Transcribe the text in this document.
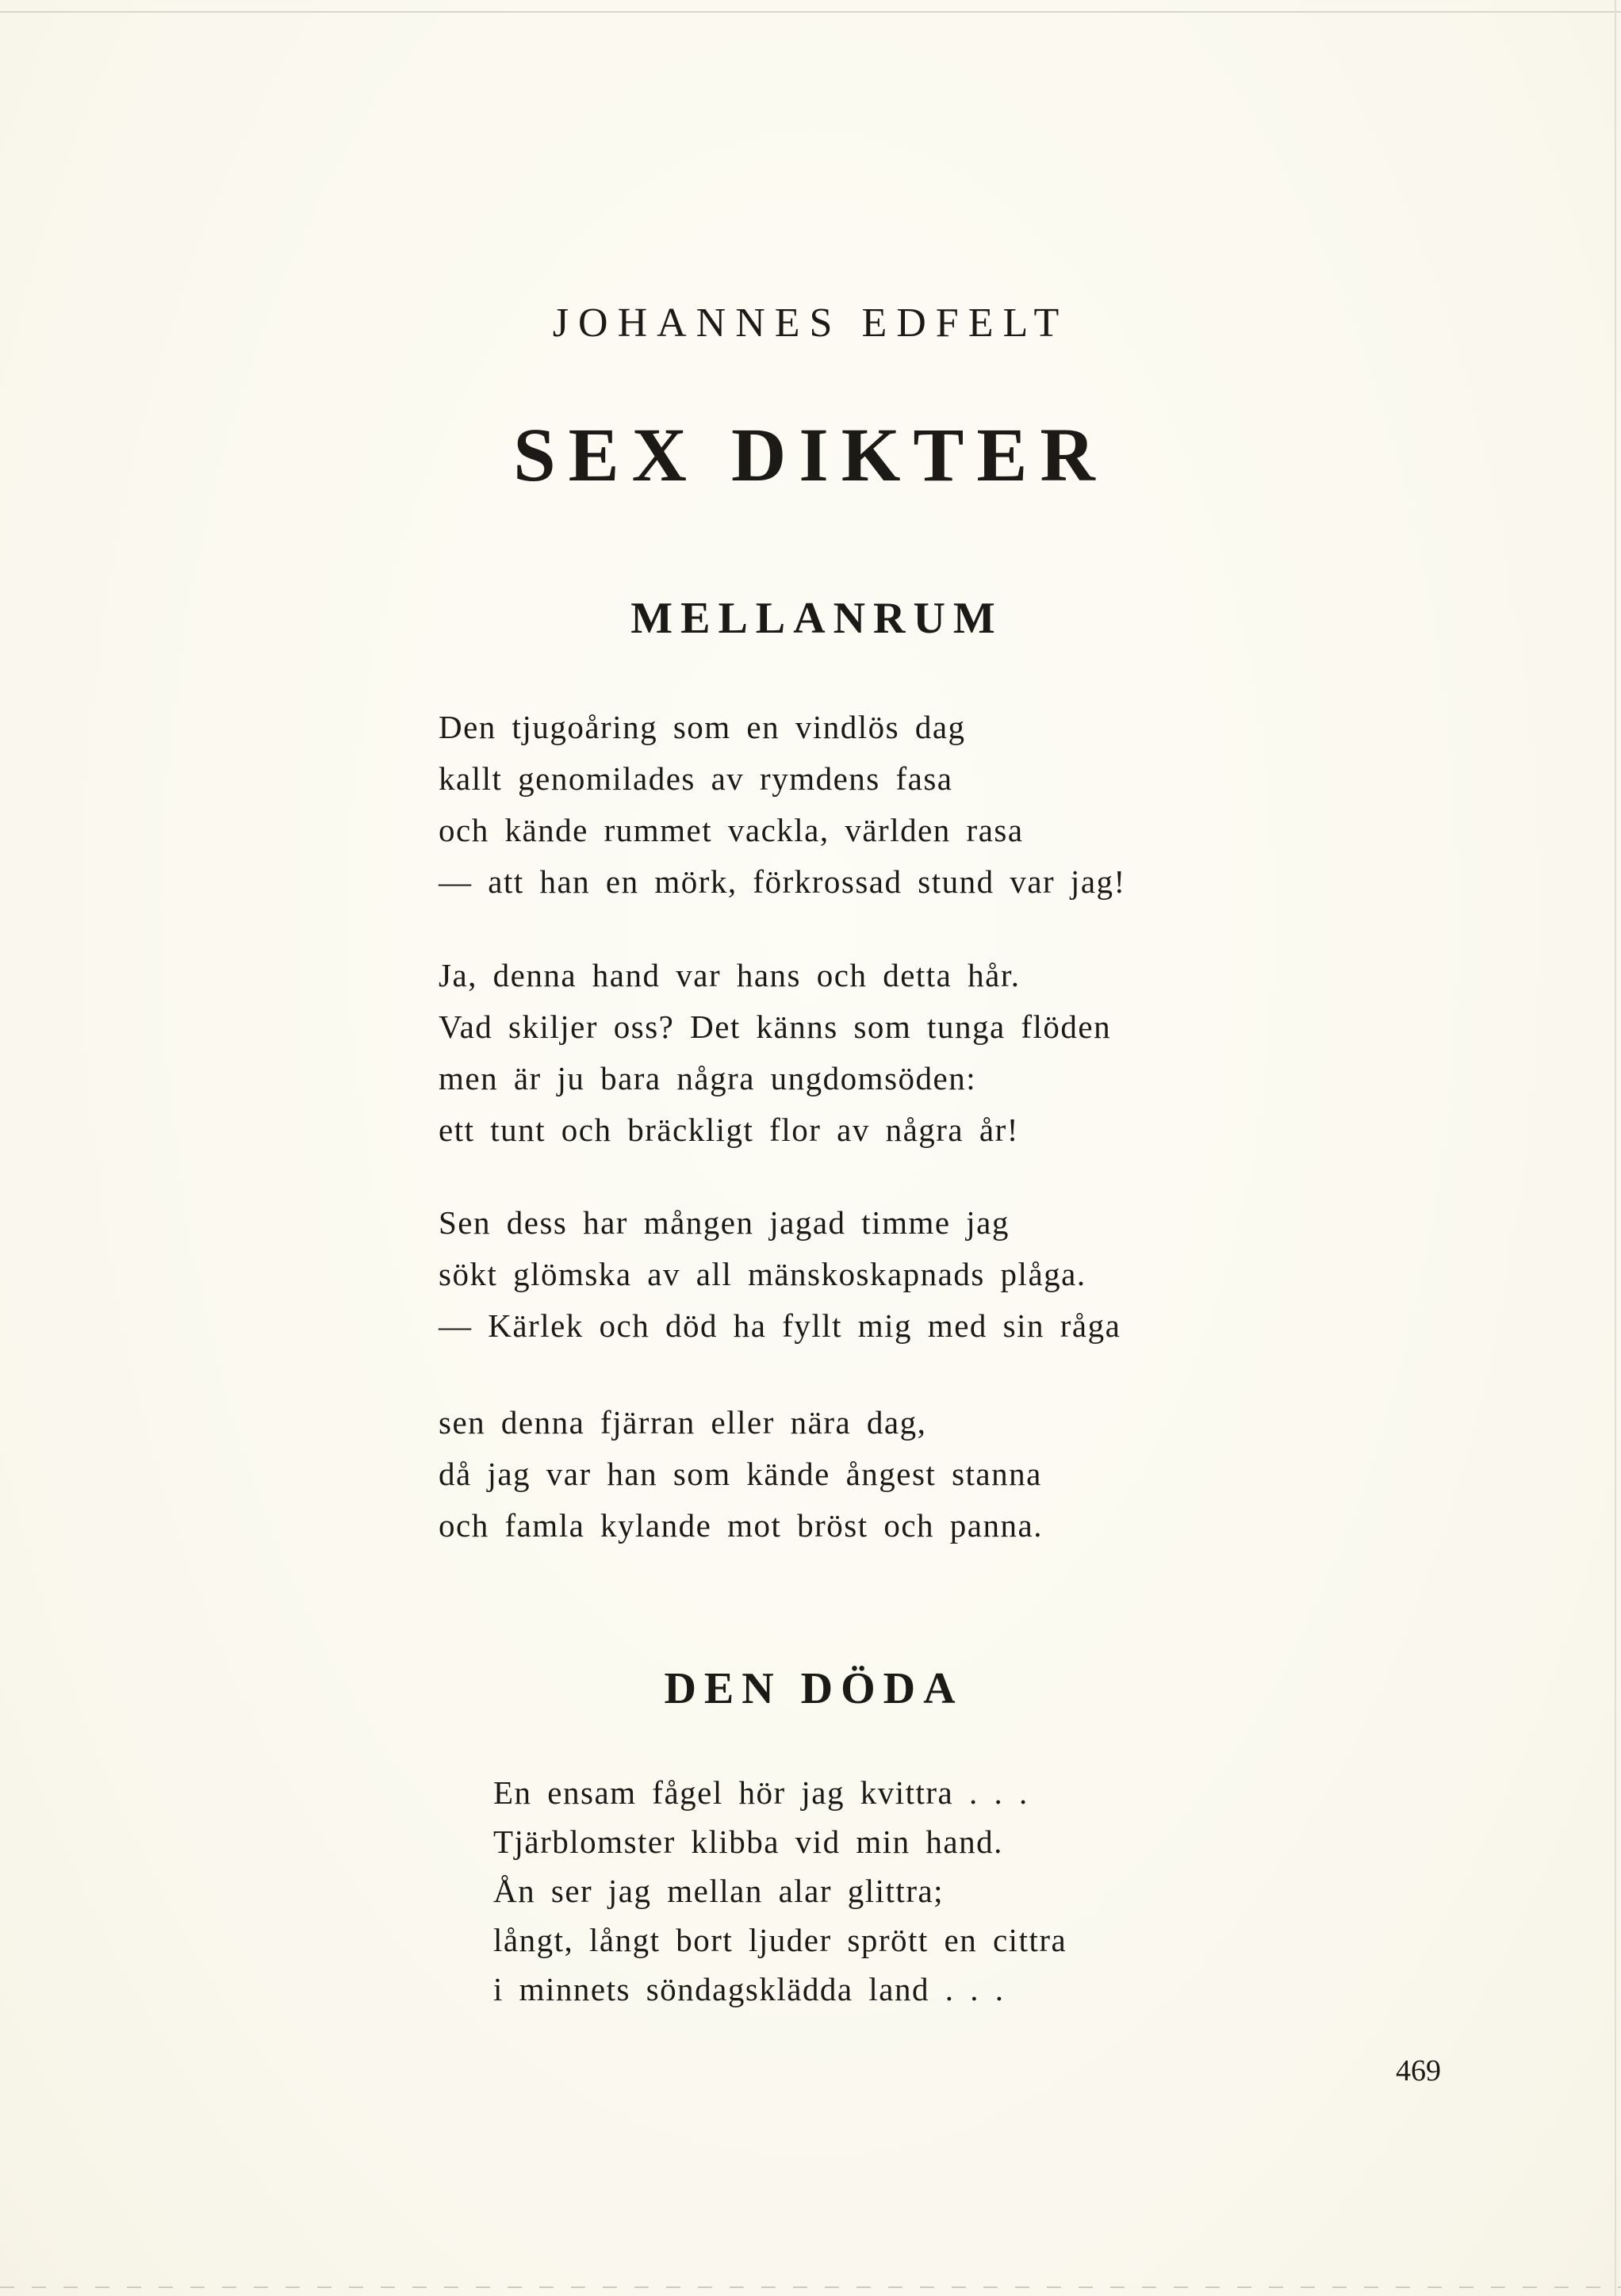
JOHANNES EDFELT
SEX DIKTER
MELLANRUM
Den tjugoåring som en vindlös dag
kallt genomilades av rymdens fasa
och kände rummet vackla, världen rasa
— att han en mörk, förkrossad stund var jag!
Ja, denna hand var hans och detta hår.
Vad skiljer oss? Det känns som tunga flöden
men är ju bara några ungdomsöden:
ett tunt och bräckligt flor av några år!
Sen dess har mången jagad timme jag
sökt glömska av all mänskoskapnads plåga.
— Kärlek och död ha fyllt mig med sin råga
sen denna fjärran eller nära dag,
då jag var han som kände ångest stanna
och famla kylande mot bröst och panna.
DEN DÖDA
En ensam fågel hör jag kvittra . . .
Tjärblomster klibba vid min hand.
Ån ser jag mellan alar glittra;
långt, långt bort ljuder sprött en cittra
i minnets söndagsklädda land . . .
469
